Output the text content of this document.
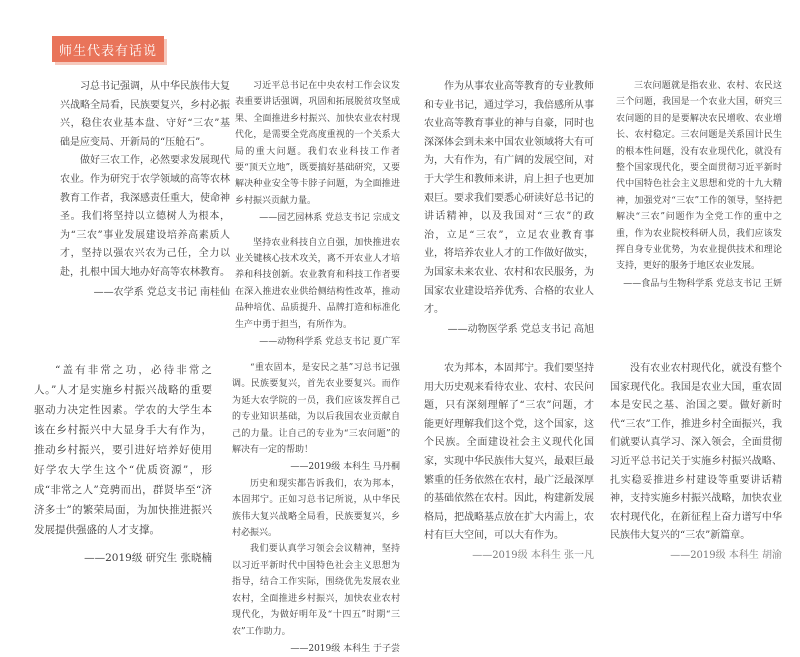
师生代表有话说

习总书记强调，从中华民族伟大复兴战略全局看，民族要复兴，乡村必振兴，稳住农业基本盘、守好“三农”基础是应变局、开新局的“压舱石”。

做好三农工作，必然要求发展现代农业。作为研究于农学领域的高等农林教育工作者，我深感责任重大，使命神圣。我们将坚持以立德树人为根本，为“三农”事业发展建设培养高素质人才，坚持以强农兴农为己任，全力以赴，扎根中国大地办好高等农林教育。

——农学系 党总支书记 南桂仙

习近平总书记在中央农村工作会议发表重要讲话强调，巩固和拓展脱贫攻坚成果、全面推进乡村振兴、加快农业农村现代化，是需要全党高度重视的一个关系大局的重大问题。我们农业科技工作者要“顶天立地”，既要搞好基础研究，又要解决种业安全等卡脖子问题，为全面推进乡村振兴贡献力量。

——园艺园林系 党总支书记 宗成文

坚持农业科技自立自强，加快推进农业关键核心技术攻关，离不开农业人才培养和科技创新。农业教育和科技工作者要在深入推进农业供给侧结构性改革，推动品种培优、品质提升、品牌打造和标准化生产中勇于担当，有所作为。

——动物科学系 党总支书记 夏广军

作为从事农业高等教育的专业教师和专业书记，通过学习，我倍感所从事农业高等教育事业的神与自豪，同时也深深体会到未来中国农业领域将大有可为，大有作为，有广阔的发展空间，对于大学生和教师来讲，肩上担子也更加艰巨。要求我们要悉心研读好总书记的讲话精神，以及我国对“三农”的政治，立足“三农”，立足农业教育事业，将培养农业人才的工作做好做实，为国家未来农业、农村和农民服务，为国家农业建设培养优秀、合格的农业人才。

——动物医学系 党总支书记 高旭

三农问题就是指农业、农村、农民这三个问题，我国是一个农业大国，研究三农问题的目的是要解决农民增收、农业增长、农村稳定。三农问题是关系国计民生的根本性问题，没有农业现代化，就没有整个国家现代化，要全面贯彻习近平新时代中国特色社会主义思想和党的十九大精神，加强党对“三农”工作的领导，坚持把解决“三农”问题作为全党工作的重中之重，作为农业院校科研人员，我们应该发挥自身专业优势，为农业提供技术和理论支持，更好的服务于地区农业发展。

——食品与生物科学系 党总支书记 王妍

“盖有非常之功，必待非常之人。”人才是实施乡村振兴战略的重要驱动力决定性因素。学农的大学生本该在乡村振兴中大显身手大有作为，推动乡村振兴，要引进好培养好使用好学农大学生这个“优质资源”，形成“非常之人”竞骋而出，群贤毕至“济济多士”的繁荣局面，为加快推进振兴发展提供强盛的人才支撑。

——2019级 研究生 张晓楠

“重农固本，是安民之基”习总书记强调。民族要复兴，首先农业要复兴。而作为延大农学院的一员，我们应该发挥自己的专业知识基础，为以后我国农业贡献自己的力量。让自己的专业为“三农问题”的解决有一定的帮助！

——2019级 本科生 马丹桐

历史和现实都告诉我们，农为邦本，本固邦宁。正如习总书记所说，从中华民族伟大复兴战略全局看，民族要复兴，乡村必振兴。

我们要认真学习领会会议精神，坚持以习近平新时代中国特色社会主义思想为指导，结合工作实际，围绕优先发展农业农村，全面推进乡村振兴，加快农业农村现代化，为做好明年及“十四五”时期“三农”工作助力。

——2019级 本科生 于子尝

农为邦本，本固邦宁。我们要坚持用大历史观来看待农业、农村、农民问题，只有深刻理解了“三农”问题，才能更好理解我们这个党，这个国家，这个民族。全面建设社会主义现代化国家，实现中华民族伟大复兴，最艰巨最繁重的任务依然在农村，最广泛最深厚的基础依然在农村。因此，构建新发展格局，把战略基点放在扩大内需上，农村有巨大空间，可以大有作为。

——2019级 本科生 张一凡

没有农业农村现代化，就没有整个国家现代化。我国是农业大国，重农固本是安民之基、治国之要。做好新时代“三农”工作，推进乡村全面振兴，我们就要认真学习、深入领会，全面贯彻习近平总书记关于实施乡村振兴战略、扎实稳妥推进乡村建设等重要讲话精神，支持实施乡村振兴战略，加快农业农村现代化，在新征程上奋力谱写中华民族伟大复兴的“三农”新篇章。

——2019级 本科生 胡渝
